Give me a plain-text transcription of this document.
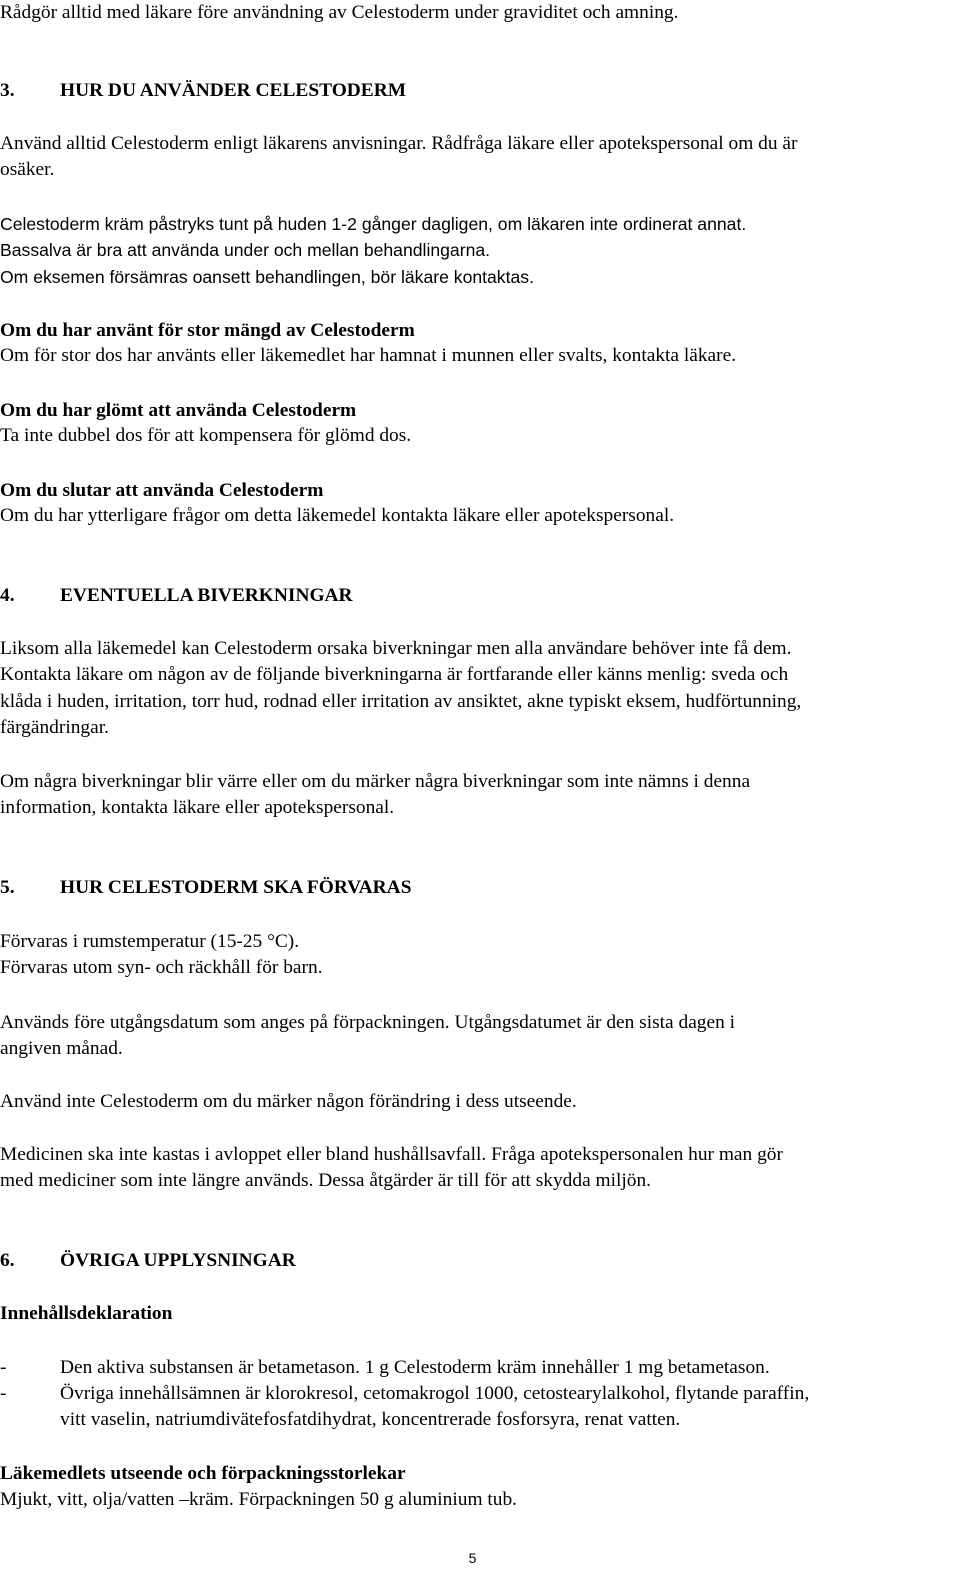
Rådgör alltid med läkare före användning av Celestoderm under graviditet och amning.
3. HUR DU ANVÄNDER CELESTODERM
Använd alltid Celestoderm enligt läkarens anvisningar. Rådfråga läkare eller apotekspersonal om du är
osäker.
Celestoderm kräm påstryks tunt på huden 1-2 gånger dagligen, om läkaren inte ordinerat annat.
Bassalva är bra att använda under och mellan behandlingarna.
Om eksemen försämras oansett behandlingen, bör läkare kontaktas.
Om du har använt för stor mängd av Celestoderm
Om för stor dos har använts eller läkemedlet har hamnat i munnen eller svalts, kontakta läkare.
Om du har glömt att använda Celestoderm
Ta inte dubbel dos för att kompensera för glömd dos.
Om du slutar att använda Celestoderm
Om du har ytterligare frågor om detta läkemedel kontakta läkare eller apotekspersonal.
4. EVENTUELLA BIVERKNINGAR
Liksom alla läkemedel kan Celestoderm orsaka biverkningar men alla användare behöver inte få dem.
Kontakta läkare om någon av de följande biverkningarna är fortfarande eller känns menlig: sveda och
klåda i huden, irritation, torr hud, rodnad eller irritation av ansiktet, akne typiskt eksem, hudförtunning,
färgändringar.
Om några biverkningar blir värre eller om du märker några biverkningar som inte nämns i denna
information, kontakta läkare eller apotekspersonal.
5. HUR CELESTODERM SKA FÖRVARAS
Förvaras i rumstemperatur (15-25 °C).
Förvaras utom syn- och räckhåll för barn.
Används före utgångsdatum som anges på förpackningen. Utgångsdatumet är den sista dagen i
angiven månad.
Använd inte Celestoderm om du märker någon förändring i dess utseende.
Medicinen ska inte kastas i avloppet eller bland hushållsavfall. Fråga apotekspersonalen hur man gör
med mediciner som inte längre används. Dessa åtgärder är till för att skydda miljön.
6. ÖVRIGA UPPLYSNINGAR
Innehållsdeklaration
-	Den aktiva substansen är betametason. 1 g Celestoderm kräm innehåller 1 mg betametason.
-	Övriga innehållsämnen är klorokresol, cetomakrogol 1000, cetostearylalkohol, flytande paraffin,
vitt vaselin, natriumdivätefosfatdihydrat, koncentrerade fosforsyra, renat vatten.
Läkemedlets utseende och förpackningsstorlekar
Mjukt, vitt, olja/vatten –kräm. Förpackningen 50 g aluminium tub.
5
